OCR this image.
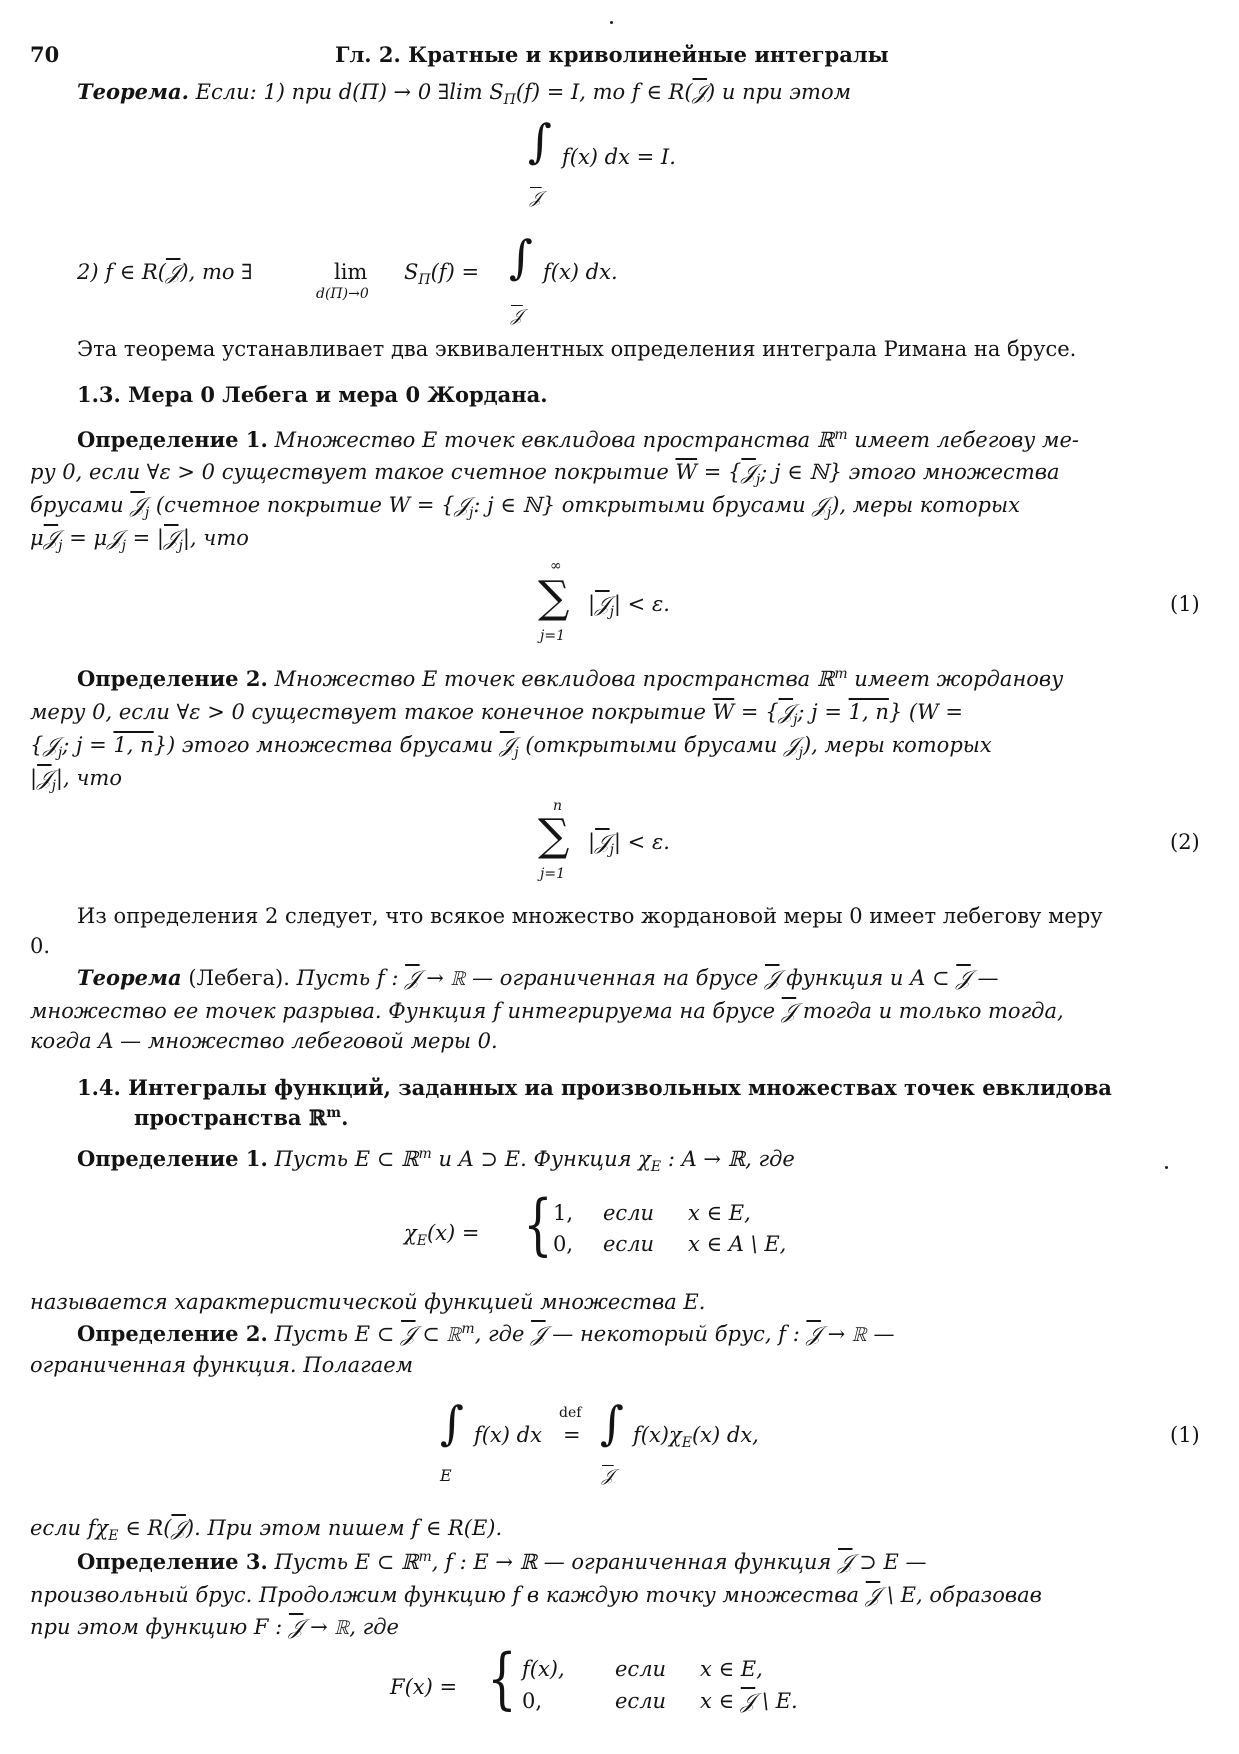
70	Гл. 2. Кратные и криволинейные интегралы
Теорема. Если: 1) при d(Π) → 0 ∃lim $S_\Pi(f) = I$, то f ∈ R(𝒥) и при этом
∫ f(x) dx = I.
𝒥
2) f ∈ R(𝒥), то ∃	lim
d(Π)→0
$S_\Pi(f)$ = ∫ f(x) dx.
𝒥
Эта теорема устанавливает два эквивалентных определения интеграла Римана на брусе.
1.3. Мера 0 Лебега и мера 0 Жордана.
Определение 1. Множество E точек евклидова пространства ℝ$^m$ имеет лебегову ме-
ру 0, если ∀ε > 0 существует такое счетное покрытие $\overline{W}$ = {𝒥$_j$; j ∈ ℕ} этого множества
брусами 𝒥$_j$ (счетное покрытие W = {𝒥$_j$: j ∈ ℕ} открытыми брусами 𝒥$_j$), меры которых
μ𝒥$_j$ = μ𝒥$_j$ = |𝒥$_j$|, что
∞
∑
j=1
|𝒥$_j$| < ε.	(1)
Определение 2. Множество E точек евклидова пространства ℝ$^m$ имеет жорданову
меру 0, если ∀ε > 0 существует такое конечное покрытие $\overline{W}$ = {𝒥$_j$; j = 1, n} (W =
{𝒥$_j$; j = 1, n}) этого множества брусами 𝒥$_j$ (открытыми брусами 𝒥$_j$), меры которых
|𝒥$_j$|, что
n
∑
j=1
|𝒥$_j$| < ε.	(2)
Из определения 2 следует, что всякое множество жордановой меры 0 имеет лебегову меру
0.
Теорема (Лебега). Пусть f : 𝒥 → ℝ — ограниченная на брусе 𝒥 функция и A ⊂ 𝒥 —
множество ее точек разрыва. Функция f интегрируема на брусе 𝒥 тогда и только тогда,
когда A — множество лебеговой меры 0.
1.4. Интегралы функций, заданных иа произвольных множествах точек евклидова
пространства ℝ$^m$.
Определение 1. Пусть E ⊂ ℝ$^m$ и A ⊃ E. Функция $\chi_E$ : A → ℝ, где
$\chi_E(x)$ = { 1, если x ∈ E,
0, если x ∈ A \ E,
называется характеристической функцией множества E.
Определение 2. Пусть E ⊂ 𝒥 ⊂ ℝ$^m$, где 𝒥 — некоторый брус, f : 𝒥 → ℝ —
ограниченная функция. Полагаем
∫ f(x) dx
def
= ∫ $f(x)\chi_E(x)$ dx,
E	𝒥
(1)
если $f\chi_E$ ∈ R(𝒥). При этом пишем f ∈ R(E).
Определение 3. Пусть E ⊂ ℝ$^m$, f : E → ℝ — ограниченная функция 𝒥 ⊃ E —
произвольный брус. Продолжим функцию f в каждую точку множества 𝒥 \ E, образовав
при этом функцию F : 𝒥 → ℝ, где
F(x) = { f(x), если x ∈ E,
0,	если x ∈ 𝒥 \ E.
